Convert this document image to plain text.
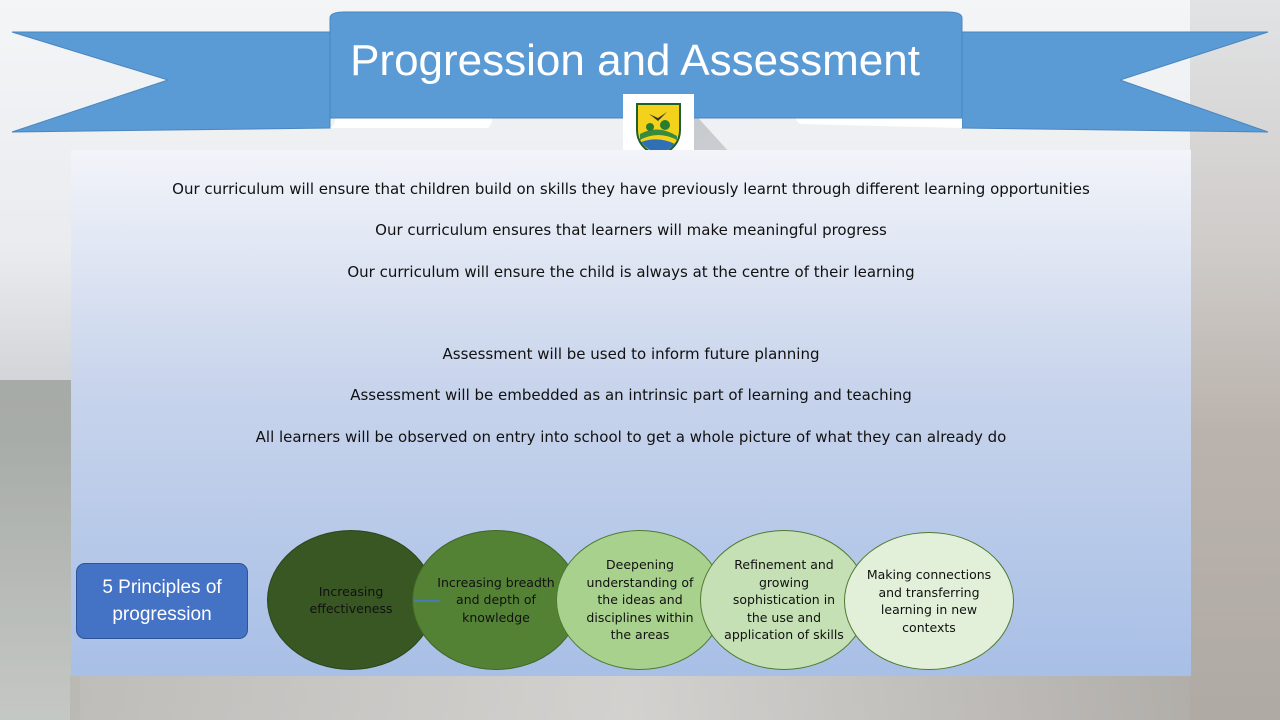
Progression and Assessment
Our curriculum will ensure that children build on skills they have previously learnt through different learning opportunities
Our curriculum ensures that learners will make meaningful progress
Our curriculum will ensure the child is always at the centre of their learning
Assessment will be used to inform future planning
Assessment will be embedded as an intrinsic part of learning and teaching
All learners will be observed on entry into school to get a whole picture of what they can already do
5 Principles of progression
Increasing effectiveness
Increasing breadth and depth of knowledge
Deepening understanding of the ideas and disciplines within the areas
Refinement and growing sophistication in the use and application of skills
Making connections and transferring learning in new contexts
